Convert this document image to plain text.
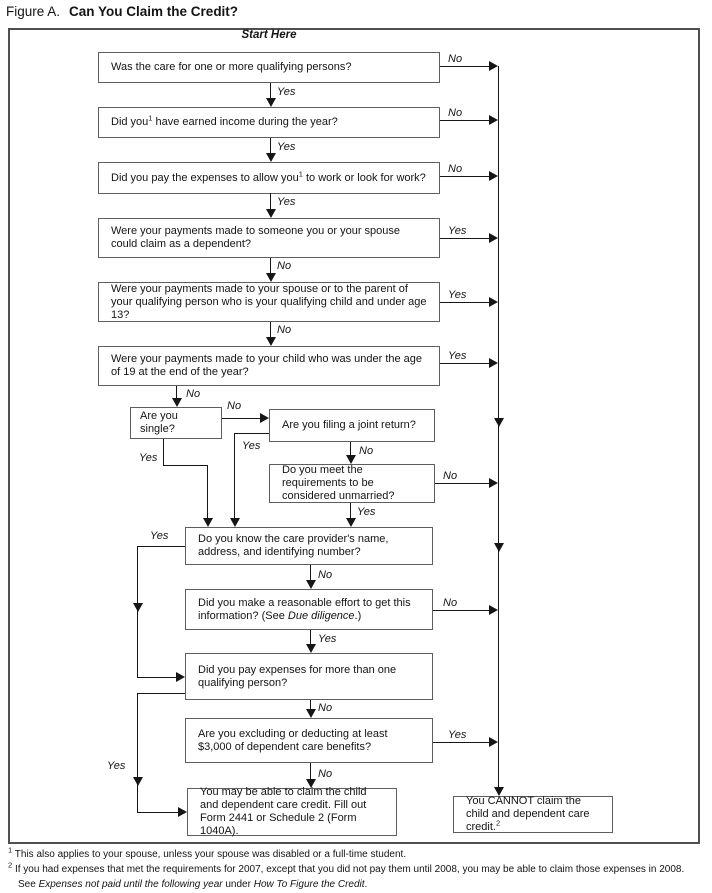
Figure A. Can You Claim the Credit?
Start Here
Was the care for one or more qualifying persons?
Did you$^1$ have earned income during the year?
Did you pay the expenses to allow you$^1$ to work or look for work?
Were your payments made to someone you or your spouse could claim as a dependent?
Were your payments made to your spouse or to the parent of your qualifying person who is your qualifying child and under age 13?
Were your payments made to your child who was under the age of 19 at the end of the year?
Are you single?	Are you filing a joint return?
Do you meet the requirements to be considered unmarried?
Do you know the care provider's name, address, and identifying number?
Did you make a reasonable effort to get this information? (See Due diligence.)
Did you pay expenses for more than one qualifying person?
Are you excluding or deducting at least $3,000 of dependent care benefits?
You may be able to claim the child and dependent care credit. Fill out Form 2441 or Schedule 2 (Form 1040A).
You CANNOT claim the child and dependent care credit.$^2$
Yes
Yes
Yes
No
No
No
No
Yes	No
Yes
No
Yes
No
No
Yes
Yes
Yes
No
No
No
Yes
Yes
Yes
No
No
Yes
$^1$ This also applies to your spouse, unless your spouse was disabled or a full-time student.
$^2$ If you had expenses that met the requirements for 2007, except that you did not pay them until 2008, you may be able to claim those expenses in 2008. See Expenses not paid until the following year under How To Figure the Credit.
